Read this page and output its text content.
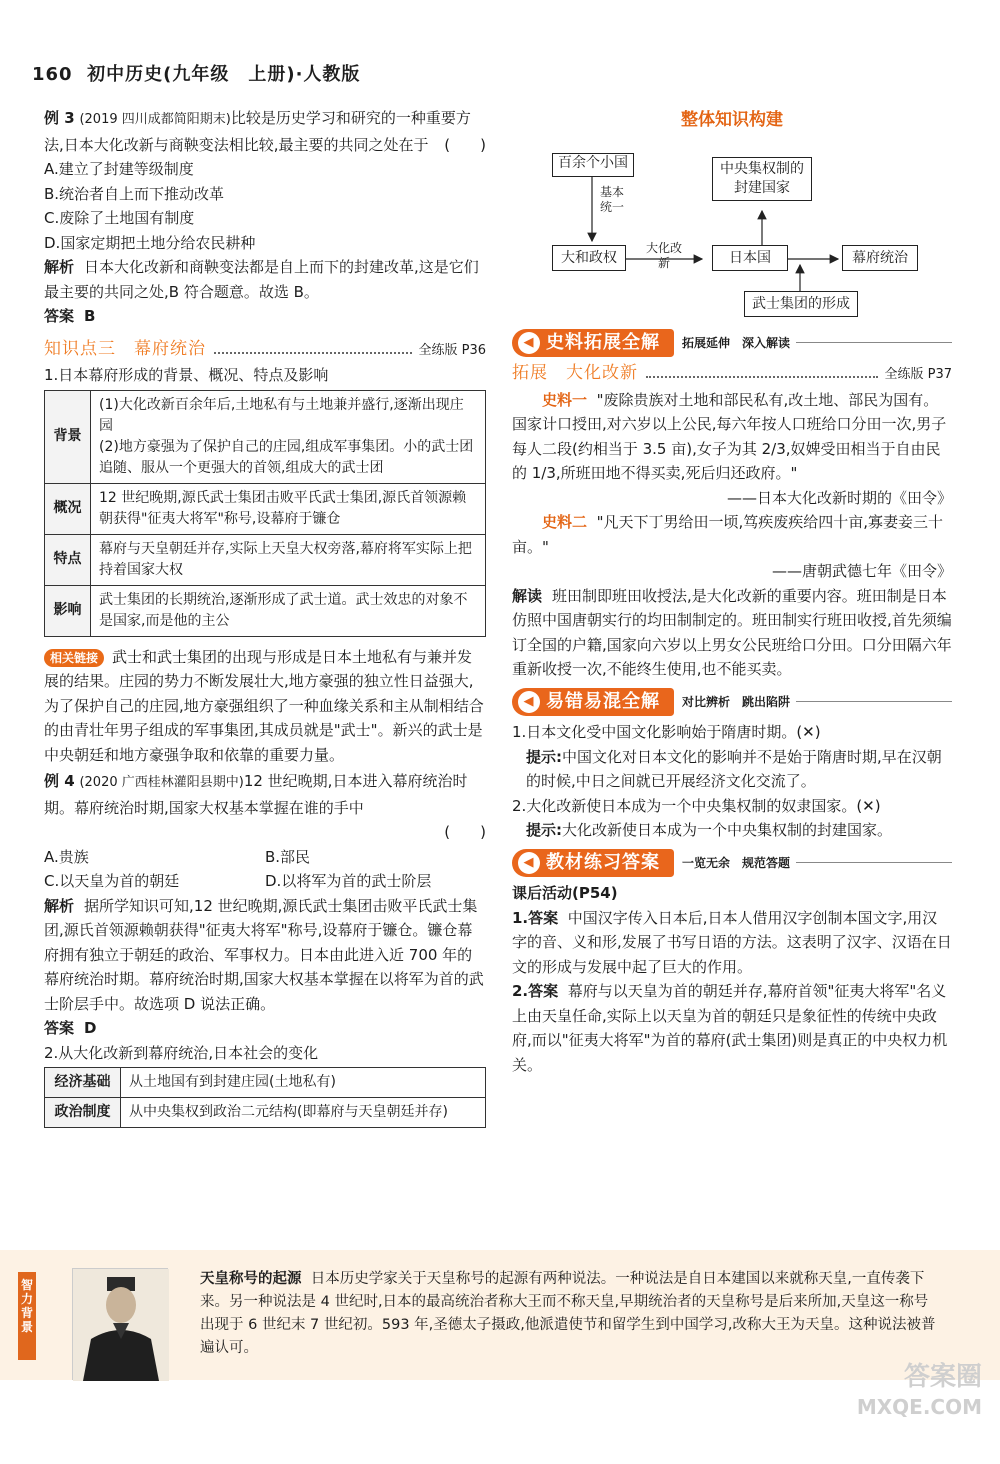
160 初中历史(九年级　上册)·人教版
例 3 (2019 四川成都简阳期末)比较是历史学习和研究的一种重要方法,日本大化改新与商鞅变法相比较,最主要的共同之处在于 (　　)
A.建立了封建等级制度
B.统治者自上而下推动改革
C.废除了土地国有制度
D.国家定期把土地分给农民耕种
解析 日本大化改新和商鞅变法都是自上而下的封建改革,这是它们最主要的共同之处,B 符合题意。故选 B。
答案 B
知识点三　幕府统治	全练版 P36
1.日本幕府形成的背景、概况、特点及影响
背景	(1)大化改新百余年后,土地私有与土地兼并盛行,逐渐出现庄园
(2)地方豪强为了保护自己的庄园,组成军事集团。小的武士团追随、服从一个更强大的首领,组成大的武士团

概况	12 世纪晚期,源氏武士集团击败平氏武士集团,源氏首领源赖朝获得"征夷大将军"称号,设幕府于镰仓
特点	幕府与天皇朝廷并存,实际上天皇大权旁落,幕府将军实际上把持着国家大权
影响	武士集团的长期统治,逐渐形成了武士道。武士效忠的对象不是国家,而是他的主公
相关链接 武士和武士集团的出现与形成是日本土地私有与兼并发展的结果。庄园的势力不断发展壮大,地方豪强的独立性日益强大,为了保护自己的庄园,地方豪强组织了一种血缘关系和主从制相结合的由青壮年男子组成的军事集团,其成员就是"武士"。新兴的武士是中央朝廷和地方豪强争取和依靠的重要力量。
例 4 (2020 广西桂林灌阳县期中)12 世纪晚期,日本进入幕府统治时期。幕府统治时期,国家大权基本掌握在谁的手中
(　　)
A.贵族	B.部民
C.以天皇为首的朝廷	D.以将军为首的武士阶层
解析 据所学知识可知,12 世纪晚期,源氏武士集团击败平氏武士集团,源氏首领源赖朝获得"征夷大将军"称号,设幕府于镰仓。镰仓幕府拥有独立于朝廷的政治、军事权力。日本由此进入近 700 年的幕府统治时期。幕府统治时期,国家大权基本掌握在以将军为首的武士阶层手中。故选项 D 说法正确。
答案 D
2.从大化改新到幕府统治,日本社会的变化
经济基础	从土地国有到封建庄园(土地私有)
政治制度	从中央集权到政治二元结构(即幕府与天皇朝廷并存)
整体知识构建
百余个小国	中央集权制的封建国家
基本统一
大和政权
大化改新	日本国	幕府统治
武士集团的形成
◀ 史料拓展全解 拓展延伸　深入解读
拓展　大化改新	全练版 P37
史料一 "废除贵族对土地和部民私有,改土地、部民为国有。国家计口授田,对六岁以上公民,每六年按人口班给口分田一次,男子每人二段(约相当于 3.5 亩),女子为其 2/3,奴婢受田相当于自由民的 1/3,所班田地不得买卖,死后归还政府。"
——日本大化改新时期的《田令》
史料二 "凡天下丁男给田一顷,笃疾废疾给四十亩,寡妻妾三十亩。"
——唐朝武德七年《田令》
解读 班田制即班田收授法,是大化改新的重要内容。班田制是日本仿照中国唐朝实行的均田制制定的。班田制实行班田收授,首先须编订全国的户籍,国家向六岁以上男女公民班给口分田。口分田隔六年重新收授一次,不能终生使用,也不能买卖。
◀ 易错易混全解 对比辨析　跳出陷阱
1.日本文化受中国文化影响始于隋唐时期。(✕)
提示:中国文化对日本文化的影响并不是始于隋唐时期,早在汉朝的时候,中日之间就已开展经济文化交流了。
2.大化改新使日本成为一个中央集权制的奴隶国家。(✕)
提示:大化改新使日本成为一个中央集权制的封建国家。
◀ 教材练习答案 一览无余　规范答题
课后活动(P54)
1.答案 中国汉字传入日本后,日本人借用汉字创制本国文字,用汉字的音、义和形,发展了书写日语的方法。这表明了汉字、汉语在日文的形成与发展中起了巨大的作用。
2.答案 幕府与以天皇为首的朝廷并存,幕府首领"征夷大将军"名义上由天皇任命,实际上以天皇为首的朝廷只是象征性的传统中央政府,而以"征夷大将军"为首的幕府(武士集团)则是真正的中央权力机关。
智力背景
天皇称号的起源 日本历史学家关于天皇称号的起源有两种说法。一种说法是自日本建国以来就称天皇,一直传袭下来。另一种说法是 4 世纪时,日本的最高统治者称大王而不称天皇,早期统治者的天皇称号是后来所加,天皇这一称号出现于 6 世纪末 7 世纪初。593 年,圣德太子摄政,他派遣使节和留学生到中国学习,改称大王为天皇。这种说法被普遍认可。
答案圈
MXQE.COM
